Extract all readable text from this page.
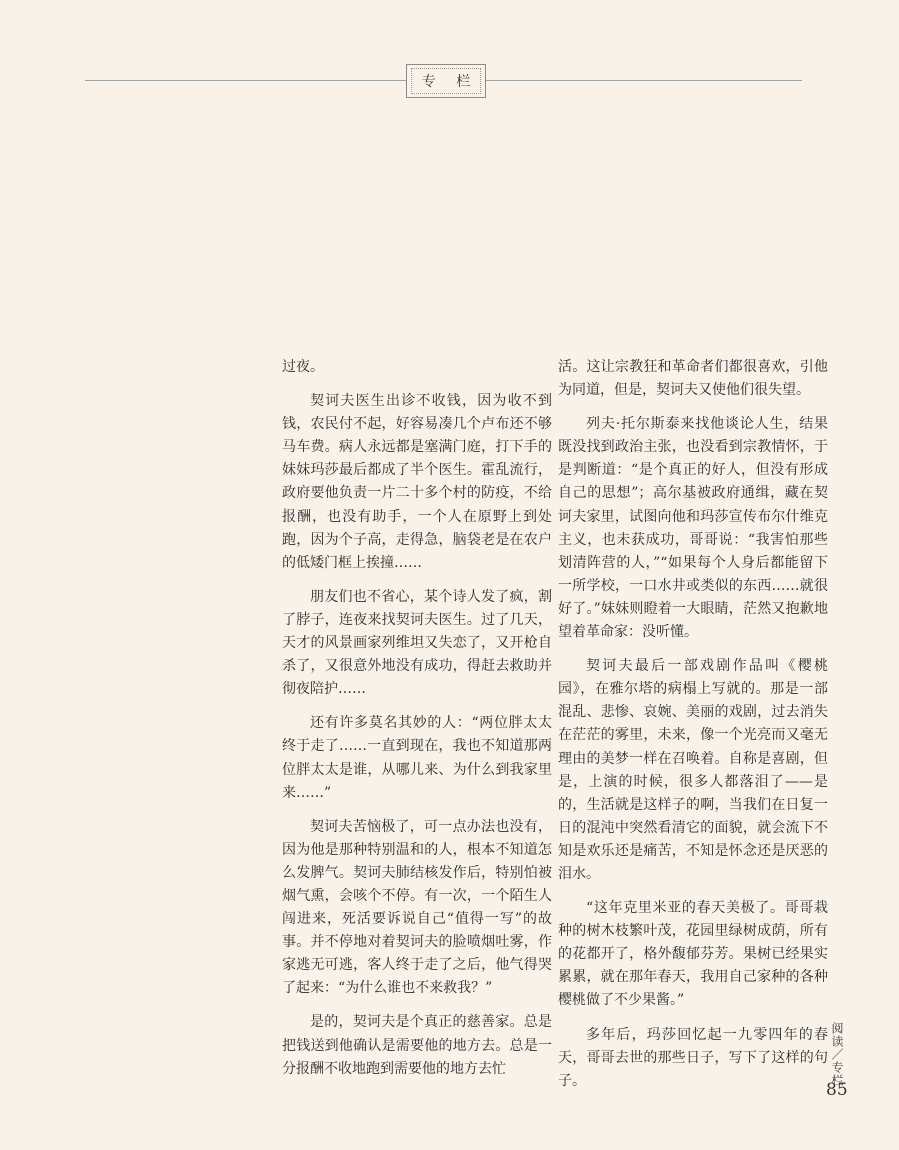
专 栏

过夜。

契诃夫医生出诊不收钱，因为收不到钱，农民付不起，好容易凑几个卢布还不够马车费。病人永远都是塞满门庭，打下手的妹妹玛莎最后都成了半个医生。霍乱流行，政府要他负责一片二十多个村的防疫，不给报酬，也没有助手，一个人在原野上到处跑，因为个子高，走得急，脑袋老是在农户的低矮门框上挨撞……

朋友们也不省心，某个诗人发了疯，割了脖子，连夜来找契诃夫医生。过了几天，天才的风景画家列维坦又失恋了，又开枪自杀了，又很意外地没有成功，得赶去救助并彻夜陪护……

还有许多莫名其妙的人：“两位胖太太终于走了……一直到现在，我也不知道那两位胖太太是谁，从哪儿来、为什么到我家里来……”

契诃夫苦恼极了，可一点办法也没有，因为他是那种特别温和的人，根本不知道怎么发脾气。契诃夫肺结核发作后，特别怕被烟气熏，会咳个不停。有一次，一个陌生人闯进来，死活要诉说自己“值得一写”的故事。并不停地对着契诃夫的脸喷烟吐雾，作家逃无可逃，客人终于走了之后，他气得哭了起来：“为什么谁也不来救我？”

是的，契诃夫是个真正的慈善家。总是把钱送到他确认是需要他的地方去。总是一分报酬不收地跑到需要他的地方去忙

活。这让宗教狂和革命者们都很喜欢，引他为同道，但是，契诃夫又使他们很失望。

列夫·托尔斯泰来找他谈论人生，结果既没找到政治主张，也没看到宗教情怀，于是判断道：“是个真正的好人，但没有形成自己的思想”；高尔基被政府通缉，藏在契诃夫家里，试图向他和玛莎宣传布尔什维克主义，也未获成功，哥哥说：“我害怕那些划清阵营的人，”“如果每个人身后都能留下一所学校，一口水井或类似的东西……就很好了。”妹妹则瞪着一大眼睛，茫然又抱歉地望着革命家：没听懂。

契诃夫最后一部戏剧作品叫《樱桃园》，在雅尔塔的病榻上写就的。那是一部混乱、悲惨、哀婉、美丽的戏剧，过去消失在茫茫的雾里，未来，像一个光亮而又毫无理由的美梦一样在召唤着。自称是喜剧，但是，上演的时候，很多人都落泪了——是的，生活就是这样子的啊，当我们在日复一日的混沌中突然看清它的面貌，就会流下不知是欢乐还是痛苦，不知是怀念还是厌恶的泪水。

“这年克里米亚的春天美极了。哥哥栽种的树木枝繁叶茂，花园里绿树成荫，所有的花都开了，格外馥郁芬芳。果树已经果实累累，就在那年春天，我用自己家种的各种樱桃做了不少果酱。”

多年后，玛莎回忆起一九零四年的春天，哥哥去世的那些日子，写下了这样的句子。	阅读／专栏
85
